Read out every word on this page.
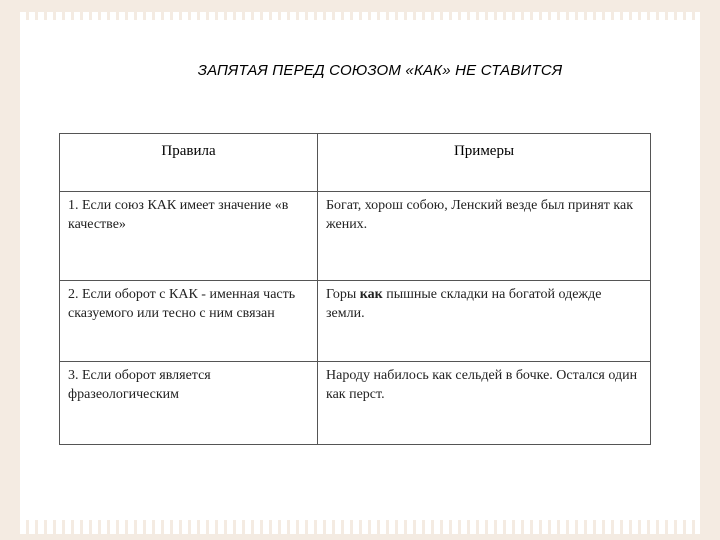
ЗАПЯТАЯ ПЕРЕД СОЮЗОМ «КАК» НЕ СТАВИТСЯ
Правила	Примеры
1. Если союз КАК имеет значение «в качестве»	Богат, хорош собою, Ленский везде был принят как жених.
2. Если оборот с КАК - именная часть сказуемого или тесно с ним связан	Горы как пышные складки на богатой одежде земли.
3. Если оборот является фразеологическим	Народу набилось как сельдей в бочке. Остался один как перст.
